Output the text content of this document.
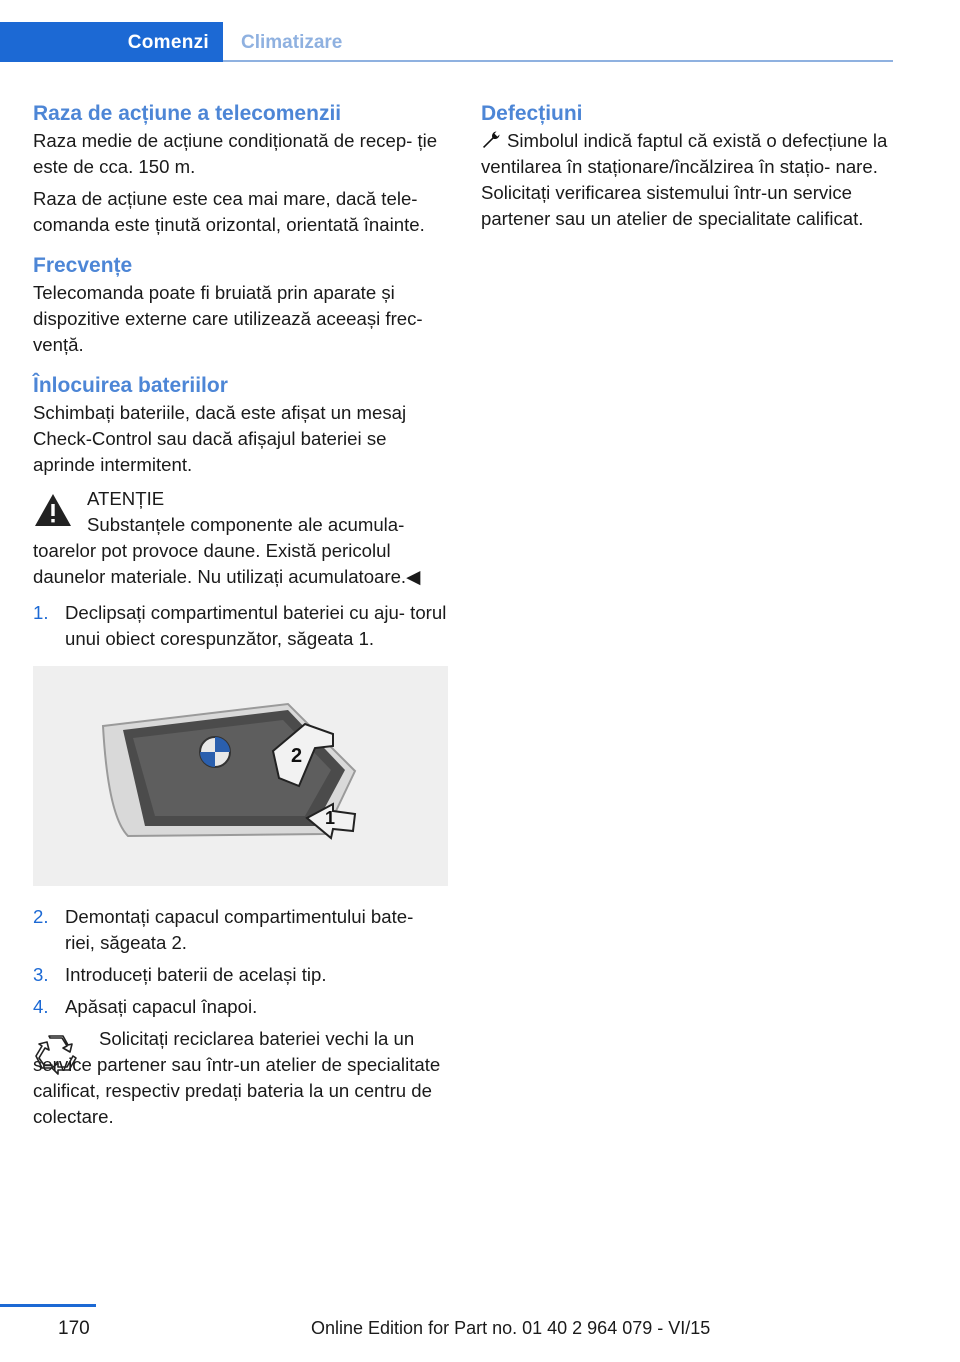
Comenzi Climatizare
Raza de acțiune a telecomenzii

Raza medie de acțiune condiționată de recep‐ ție este de cca. 150 m.

Raza de acțiune este cea mai mare, dacă tele‐ comanda este ținută orizontal, orientată înainte.

Frecvențe

Telecomanda poate fi bruiată prin aparate și dispozitive externe care utilizează aceeași frec‐ vență.

Înlocuirea bateriilor

Schimbați bateriile, dacă este afișat un mesaj Check-Control sau dacă afișajul bateriei se aprinde intermitent.

ATENȚIE

Substanțele componente ale acumula‐ toarelor pot provoce daune. Există pericolul daunelor materiale. Nu utilizați acumulatoare.◀

1. Declipsați compartimentul bateriei cu aju‐ torul unui obiect corespunzător, săgeata 1.
2
1
2. Demontați capacul compartimentului bate‐ riei, săgeata 2.
3. Introduceți baterii de același tip.
4. Apăsați capacul înapoi.

Solicitați reciclarea bateriei vechi la un service partener sau într-un atelier de specialitate calificat, respectiv predați bateria la un centru de colectare.

Defecțiuni

Simbolul indică faptul că există o defecțiune la ventilarea în staționare/încălzirea în stațio‐ nare. Solicitați verificarea sistemului într-un service partener sau un atelier de specialitate calificat.

170	Online Edition for Part no. 01 40 2 964 079 - VI/15
